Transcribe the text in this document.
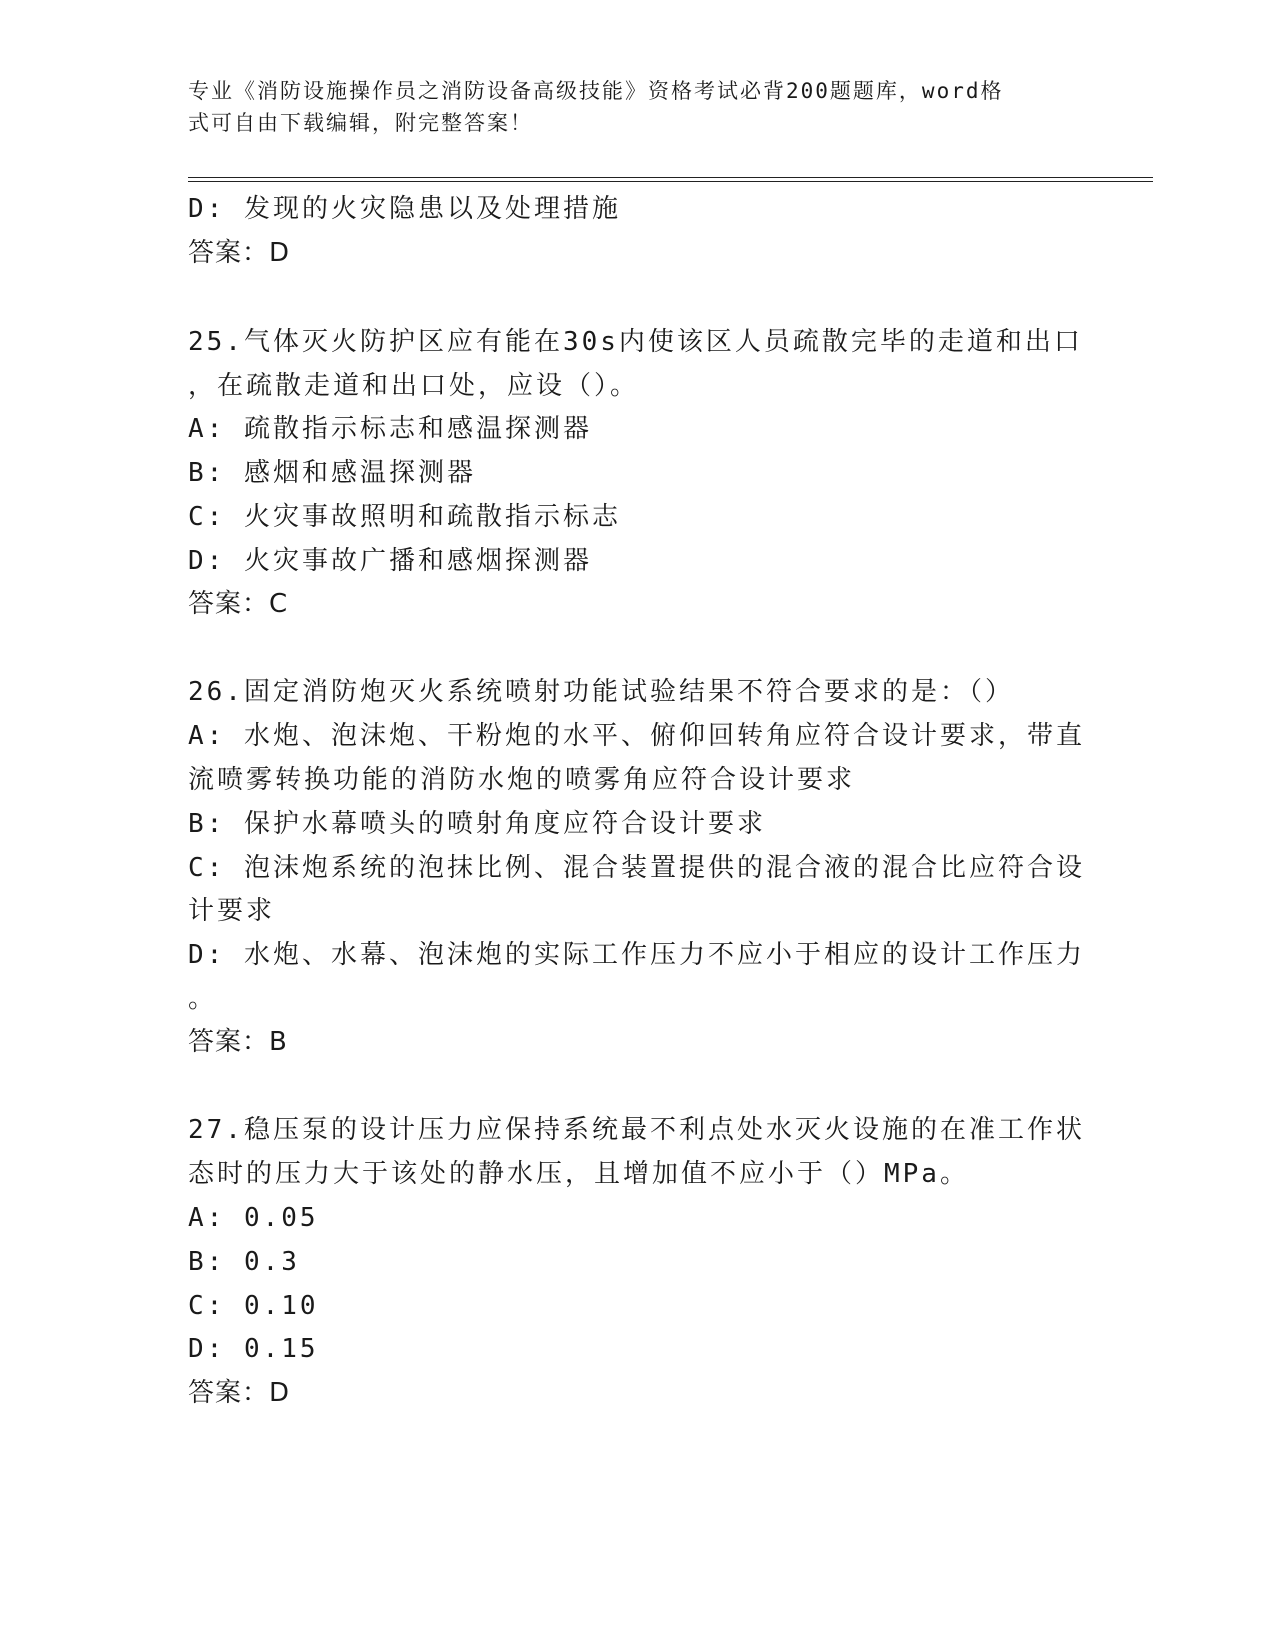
专业《消防设施操作员之消防设备高级技能》资格考试必背200题题库，word格
式可自由下载编辑，附完整答案！
D: 发现的火灾隐患以及处理措施
答案：D
25.气体灭火防护区应有能在30s内使该区人员疏散完毕的走道和出口
，在疏散走道和出口处，应设（）。
A: 疏散指示标志和感温探测器
B: 感烟和感温探测器
C: 火灾事故照明和疏散指示标志
D: 火灾事故广播和感烟探测器
答案：C
26.固定消防炮灭火系统喷射功能试验结果不符合要求的是：（）
A: 水炮、泡沫炮、干粉炮的水平、俯仰回转角应符合设计要求，带直
流喷雾转换功能的消防水炮的喷雾角应符合设计要求
B: 保护水幕喷头的喷射角度应符合设计要求
C: 泡沫炮系统的泡抹比例、混合装置提供的混合液的混合比应符合设
计要求
D: 水炮、水幕、泡沫炮的实际工作压力不应小于相应的设计工作压力
。
答案：B
27.稳压泵的设计压力应保持系统最不利点处水灭火设施的在准工作状
态时的压力大于该处的静水压，且增加值不应小于（）MPa。
A: 0.05
B: 0.3
C: 0.10
D: 0.15
答案：D
